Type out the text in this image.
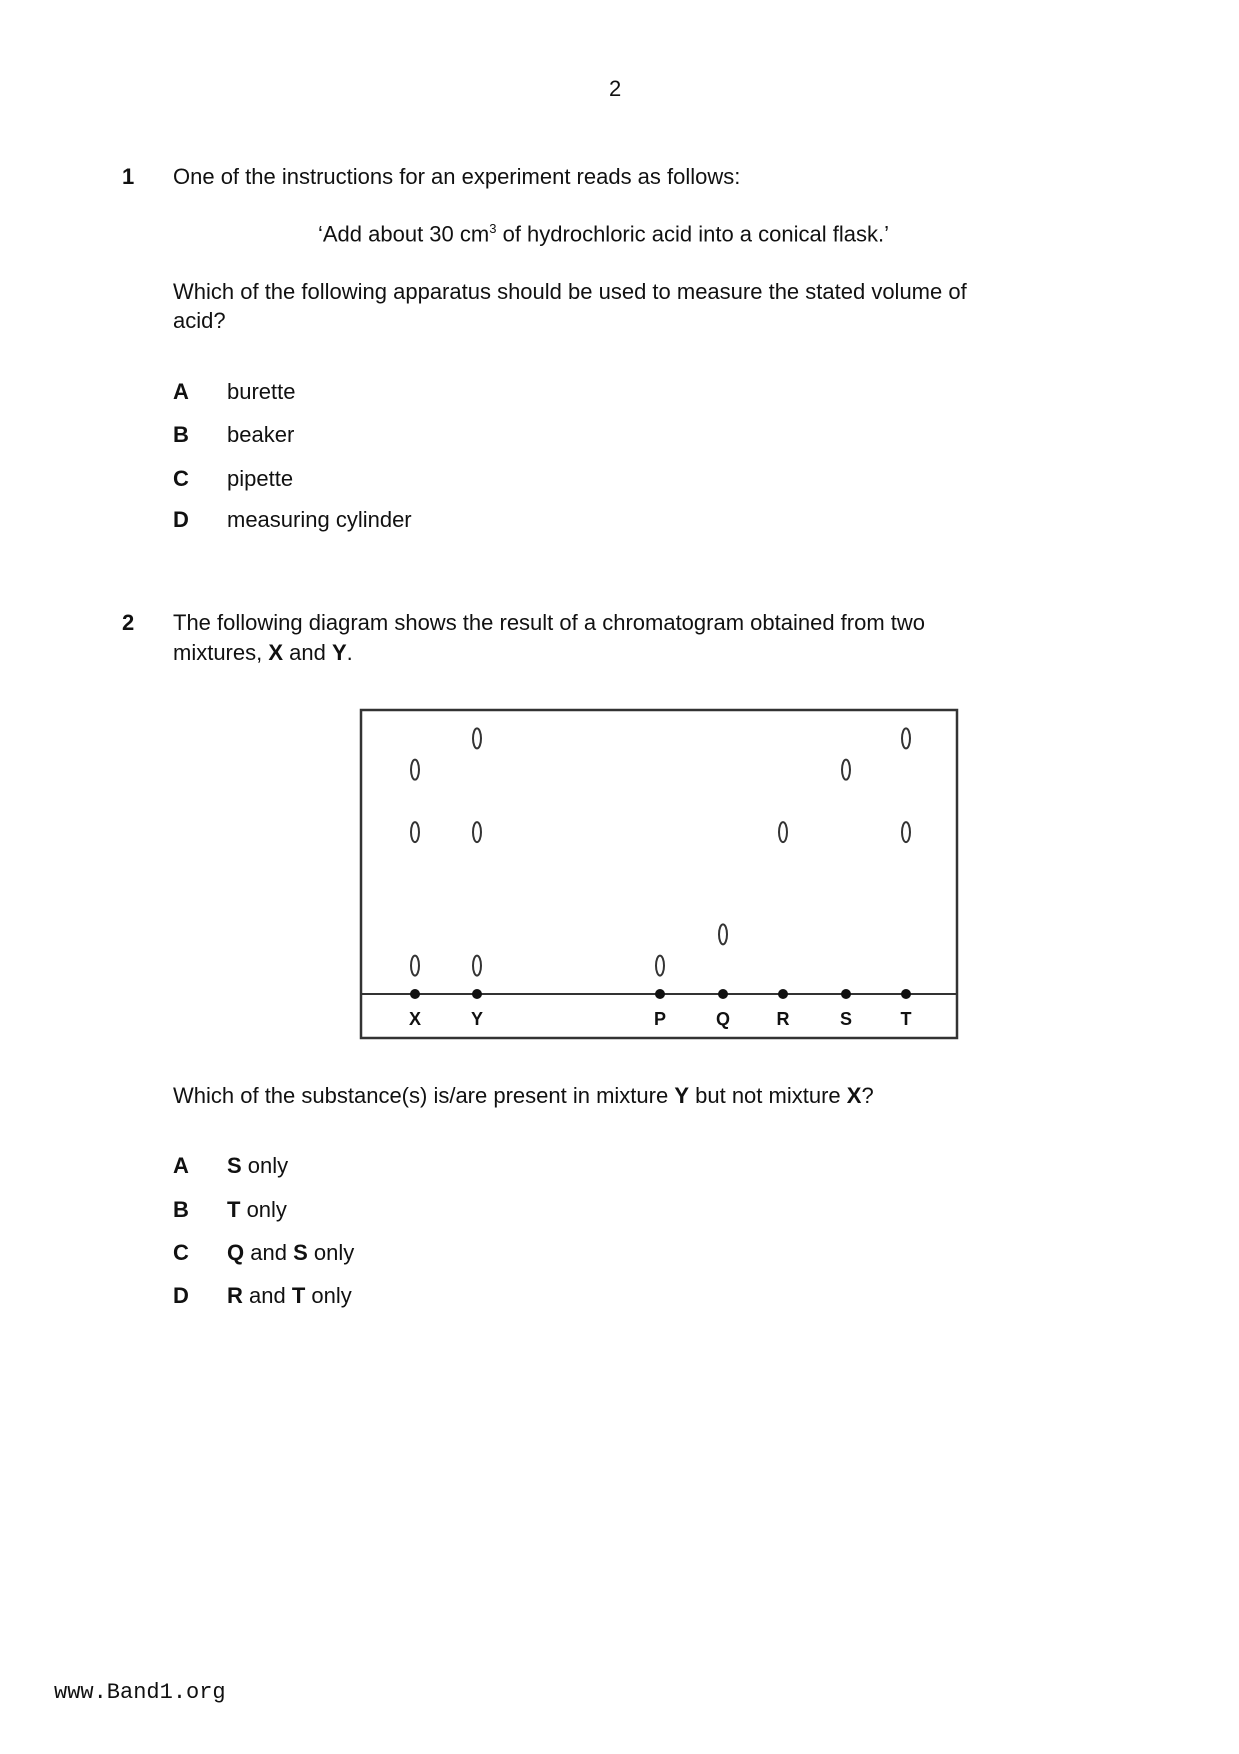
2
1 One of the instructions for an experiment reads as follows:
‘Add about 30 $cm^3$ of hydrochloric acid into a conical flask.’
Which of the following apparatus should be used to measure the stated volume of
acid?
A burette
B beaker
C pipette
D measuring cylinder
2 The following diagram shows the result of a chromatogram obtained from two
mixtures, X and Y.
X	Y	P	Q	R	S	T
Which of the substance(s) is/are present in mixture Y but not mixture X?
A S only
B T only
C Q and S only
D R and T only
www.Band1.org
